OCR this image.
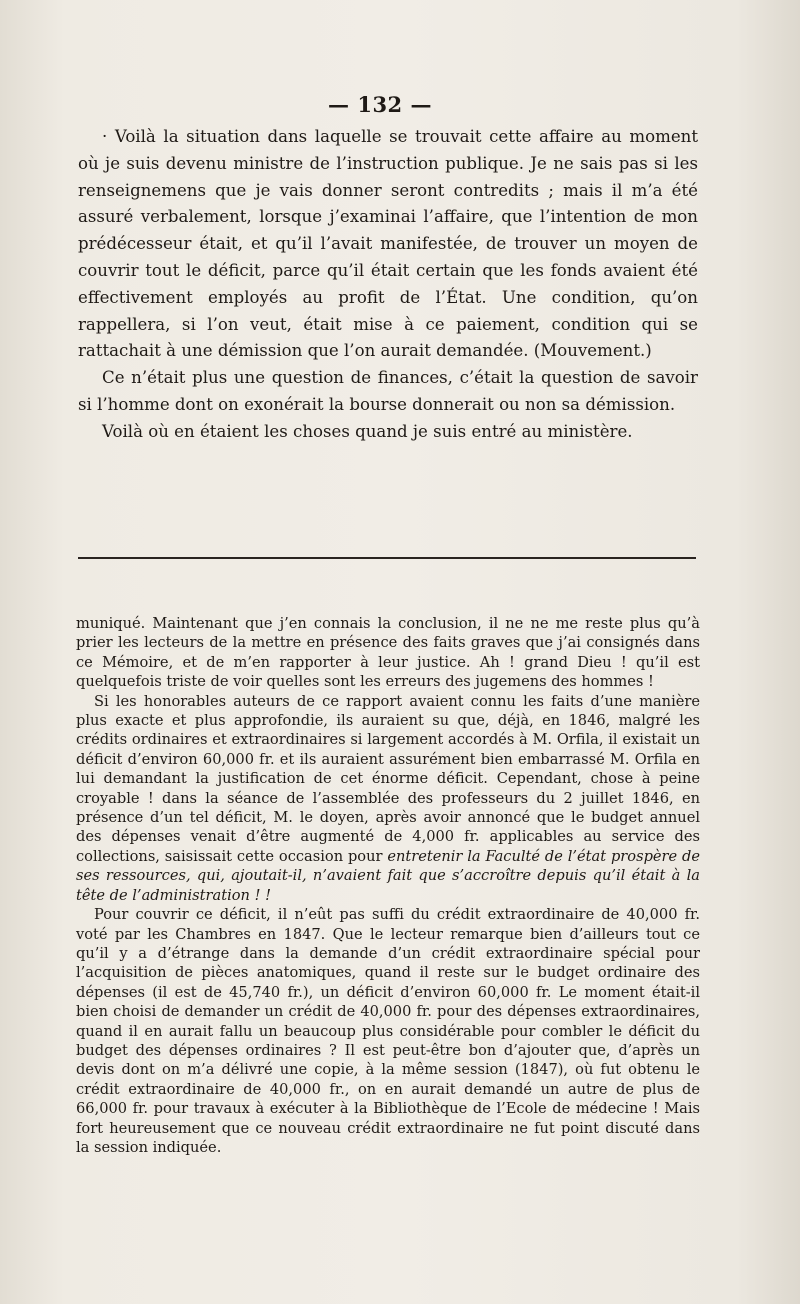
— 132 —

· Voilà la situation dans laquelle se trouvait cette affaire au moment où je suis devenu ministre de l’instruction publique. Je ne sais pas si les renseignemens que je vais donner seront contredits ; mais il m’a été assuré verbalement, lorsque j’examinai l’affaire, que l’intention de mon prédécesseur était, et qu’il l’avait manifestée, de trouver un moyen de couvrir tout le déficit, parce qu’il était certain que les fonds avaient été effectivement employés au profit de l’État. Une condition, qu’on rappellera, si l’on veut, était mise à ce paiement, condition qui se rattachait à une démission que l’on aurait demandée. (Mouvement.)

Ce n’était plus une question de finances, c’était la question de savoir si l’homme dont on exonérait la bourse donnerait ou non sa démission.

Voilà où en étaient les choses quand je suis entré au ministère.

muniqué. Maintenant que j’en connais la conclusion, il ne ne me reste plus qu’à prier les lecteurs de la mettre en présence des faits graves que j’ai consignés dans ce Mémoire, et de m’en rapporter à leur justice. Ah ! grand Dieu ! qu’il est quelquefois triste de voir quelles sont les erreurs des jugemens des hommes !

Si les honorables auteurs de ce rapport avaient connu les faits d’une manière plus exacte et plus approfondie, ils auraient su que, déjà, en 1846, malgré les crédits ordinaires et extraordinaires si largement accordés à M. Orfila, il existait un déficit d’environ 60,000 fr. et ils auraient assurément bien embarrassé M. Orfila en lui demandant la justification de cet énorme déficit. Cependant, chose à peine croyable ! dans la séance de l’assemblée des professeurs du 2 juillet 1846, en présence d’un tel déficit, M. le doyen, après avoir annoncé que le budget annuel des dépenses venait d’être augmenté de 4,000 fr. applicables au service des collections, saisissait cette occasion pour entretenir la Faculté de l’état prospère de ses ressources, qui, ajoutait-il, n’avaient fait que s’accroître depuis qu’il était à la tête de l’administration ! !

Pour couvrir ce déficit, il n’eût pas suffi du crédit extraordinaire de 40,000 fr. voté par les Chambres en 1847. Que le lecteur remarque bien d’ailleurs tout ce qu’il y a d’étrange dans la demande d’un crédit extraordinaire spécial pour l’acquisition de pièces anatomiques, quand il reste sur le budget ordinaire des dépenses (il est de 45,740 fr.), un déficit d’environ 60,000 fr. Le moment était-il bien choisi de demander un crédit de 40,000 fr. pour des dépenses extraordinaires, quand il en aurait fallu un beaucoup plus considérable pour combler le déficit du budget des dépenses ordinaires ? Il est peut-être bon d’ajouter que, d’après un devis dont on m’a délivré une copie, à la même session (1847), où fut obtenu le crédit extraordinaire de 40,000 fr., on en aurait demandé un autre de plus de 66,000 fr. pour travaux à exécuter à la Bibliothèque de l’Ecole de médecine ! Mais fort heureusement que ce nouveau crédit extraordinaire ne fut point discuté dans la session indiquée.
